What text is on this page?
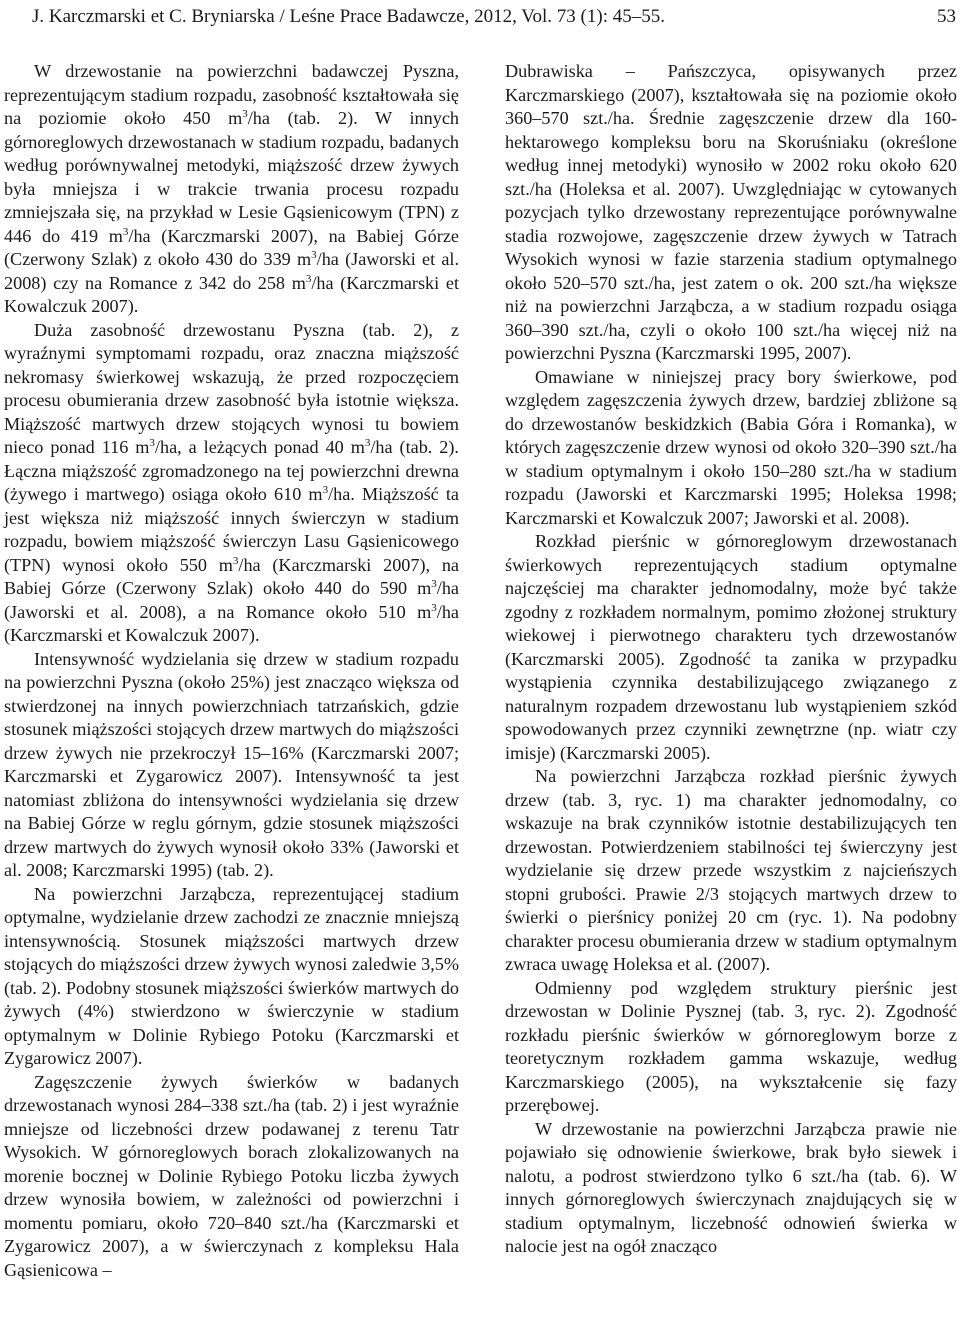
J. Karczmarski et C. Bryniarska / Leśne Prace Badawcze, 2012, Vol. 73 (1): 45–55.	53

W drzewostanie na powierzchni badawczej Pyszna, reprezentującym stadium rozpadu, zasobność kształtowała się na poziomie około 450 $m^3/ha$ (tab. 2). W innych górnoreglowych drzewostanach w stadium rozpadu, badanych według porównywalnej metodyki, miąższość drzew żywych była mniejsza i w trakcie trwania procesu rozpadu zmniejszała się, na przykład w Lesie Gąsienicowym (TPN) z 446 do 419 $m^3/ha$ (Karczmarski 2007), na Babiej Górze (Czerwony Szlak) z około 430 do 339 $m^3/ha$ (Jaworski et al. 2008) czy na Romance z 342 do 258 $m^3/ha$ (Karczmarski et Kowalczuk 2007).

Duża zasobność drzewostanu Pyszna (tab. 2), z wyraźnymi symptomami rozpadu, oraz znaczna miąższość nekromasy świerkowej wskazują, że przed rozpoczęciem procesu obumierania drzew zasobność była istotnie większa. Miąższość martwych drzew stojących wynosi tu bowiem nieco ponad 116 $m^3/ha$, a leżących ponad 40 $m^3/ha$ (tab. 2). Łączna miąższość zgromadzonego na tej powierzchni drewna (żywego i martwego) osiąga około 610 $m^3/ha$. Miąższość ta jest większa niż miąższość innych świerczyn w stadium rozpadu, bowiem miąższość świerczyn Lasu Gąsienicowego (TPN) wynosi około 550 $m^3/ha$ (Karczmarski 2007), na Babiej Górze (Czerwony Szlak) około 440 do 590 $m^3/ha$ (Jaworski et al. 2008), a na Romance około 510 $m^3/ha$ (Karczmarski et Kowalczuk 2007).

Intensywność wydzielania się drzew w stadium rozpadu na powierzchni Pyszna (około 25%) jest znacząco większa od stwierdzonej na innych powierzchniach tatrzańskich, gdzie stosunek miąższości stojących drzew martwych do miąższości drzew żywych nie przekroczył 15–16% (Karczmarski 2007; Karczmarski et Zygarowicz 2007). Intensywność ta jest natomiast zbliżona do intensywności wydzielania się drzew na Babiej Górze w reglu górnym, gdzie stosunek miąższości drzew martwych do żywych wynosił około 33% (Jaworski et al. 2008; Karczmarski 1995) (tab. 2).

Na powierzchni Jarząbcza, reprezentującej stadium optymalne, wydzielanie drzew zachodzi ze znacznie mniejszą intensywnością. Stosunek miąższości martwych drzew stojących do miąższości drzew żywych wynosi zaledwie 3,5% (tab. 2). Podobny stosunek miąższości świerków martwych do żywych (4%) stwierdzono w świerczynie w stadium optymalnym w Dolinie Rybiego Potoku (Karczmarski et Zygarowicz 2007).

Zagęszczenie żywych świerków w badanych drzewostanach wynosi 284–338 szt./ha (tab. 2) i jest wyraźnie mniejsze od liczebności drzew podawanej z terenu Tatr Wysokich. W górnoreglowych borach zlokalizowanych na morenie bocznej w Dolinie Rybiego Potoku liczba żywych drzew wynosiła bowiem, w zależności od powierzchni i momentu pomiaru, około 720–840 szt./ha (Karczmarski et Zygarowicz 2007), a w świerczynach z kompleksu Hala Gąsienicowa –

Dubrawiska – Pańszczyca, opisywanych przez Karczmarskiego (2007), kształtowała się na poziomie około 360–570 szt./ha. Średnie zagęszczenie drzew dla 160-hektarowego kompleksu boru na Skoruśniaku (określone według innej metodyki) wynosiło w 2002 roku około 620 szt./ha (Holeksa et al. 2007). Uwzględniając w cytowanych pozycjach tylko drzewostany reprezentujące porównywalne stadia rozwojowe, zagęszczenie drzew żywych w Tatrach Wysokich wynosi w fazie starzenia stadium optymalnego około 520–570 szt./ha, jest zatem o ok. 200 szt./ha większe niż na powierzchni Jarząbcza, a w stadium rozpadu osiąga 360–390 szt./ha, czyli o około 100 szt./ha więcej niż na powierzchni Pyszna (Karczmarski 1995, 2007).

Omawiane w niniejszej pracy bory świerkowe, pod względem zagęszczenia żywych drzew, bardziej zbliżone są do drzewostanów beskidzkich (Babia Góra i Romanka), w których zagęszczenie drzew wynosi od około 320–390 szt./ha w stadium optymalnym i około 150–280 szt./ha w stadium rozpadu (Jaworski et Karczmarski 1995; Holeksa 1998; Karczmarski et Kowalczuk 2007; Jaworski et al. 2008).

Rozkład pierśnic w górnoreglowym drzewostanach świerkowych reprezentujących stadium optymalne najczęściej ma charakter jednomodalny, może być także zgodny z rozkładem normalnym, pomimo złożonej struktury wiekowej i pierwotnego charakteru tych drzewostanów (Karczmarski 2005). Zgodność ta zanika w przypadku wystąpienia czynnika destabilizującego związanego z naturalnym rozpadem drzewostanu lub wystąpieniem szkód spowodowanych przez czynniki zewnętrzne (np. wiatr czy imisje) (Karczmarski 2005).

Na powierzchni Jarząbcza rozkład pierśnic żywych drzew (tab. 3, ryc. 1) ma charakter jednomodalny, co wskazuje na brak czynników istotnie destabilizujących ten drzewostan. Potwierdzeniem stabilności tej świerczyny jest wydzielanie się drzew przede wszystkim z najcieńszych stopni grubości. Prawie 2/3 stojących martwych drzew to świerki o pierśnicy poniżej 20 cm (ryc. 1). Na podobny charakter procesu obumierania drzew w stadium optymalnym zwraca uwagę Holeksa et al. (2007).

Odmienny pod względem struktury pierśnic jest drzewostan w Dolinie Pysznej (tab. 3, ryc. 2). Zgodność rozkładu pierśnic świerków w górnoreglowym borze z teoretycznym rozkładem gamma wskazuje, według Karczmarskiego (2005), na wykształcenie się fazy przerębowej.

W drzewostanie na powierzchni Jarząbcza prawie nie pojawiało się odnowienie świerkowe, brak było siewek i nalotu, a podrost stwierdzono tylko 6 szt./ha (tab. 6). W innych górnoreglowych świerczynach znajdujących się w stadium optymalnym, liczebność odnowień świerka w nalocie jest na ogół znacząco
